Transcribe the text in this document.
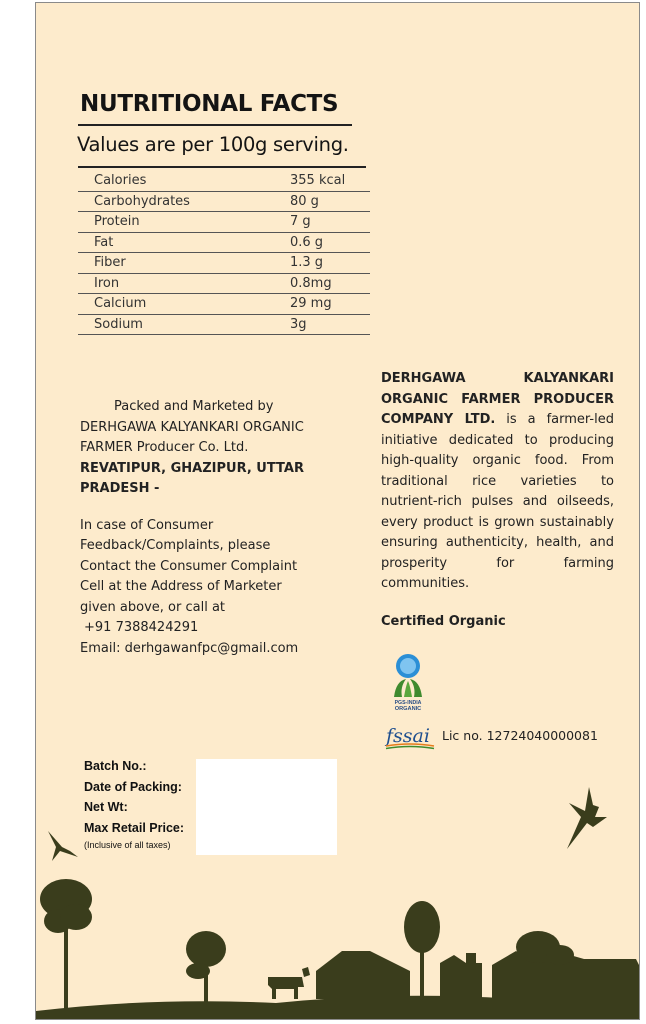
NUTRITIONAL FACTS
Values are per 100g serving.
Calories	355 kcal
Carbohydrates	80 g
Protein	7 g
Fat	0.6 g
Fiber	1.3 g
Iron	0.8mg
Calcium	29 mg
Sodium	3g
Packed and Marketed by
DERHGAWA KALYANKARI ORGANIC FARMER Producer Co. Ltd.
REVATIPUR, GHAZIPUR, UTTAR PRADESH -
In case of Consumer Feedback/Complaints, please Contact the Consumer Complaint Cell at the Address of Marketer given above, or call at
+91 7388424291
Email: derhgawanfpc@gmail.com
DERHGAWA KALYANKARI ORGANIC FARMER PRODUCER COMPANY LTD. is a farmer-led initiative dedicated to producing high-quality organic food. From traditional rice varieties to nutrient-rich pulses and oilseeds, every product is grown sustainably ensuring authenticity, health, and prosperity for farming communities.
Certified Organic
PGS-INDIA
ORGANIC
fssai Lic no. 12724040000081
Batch No.:
Date of Packing:
Net Wt:
Max Retail Price:
(Inclusive of all taxes)
